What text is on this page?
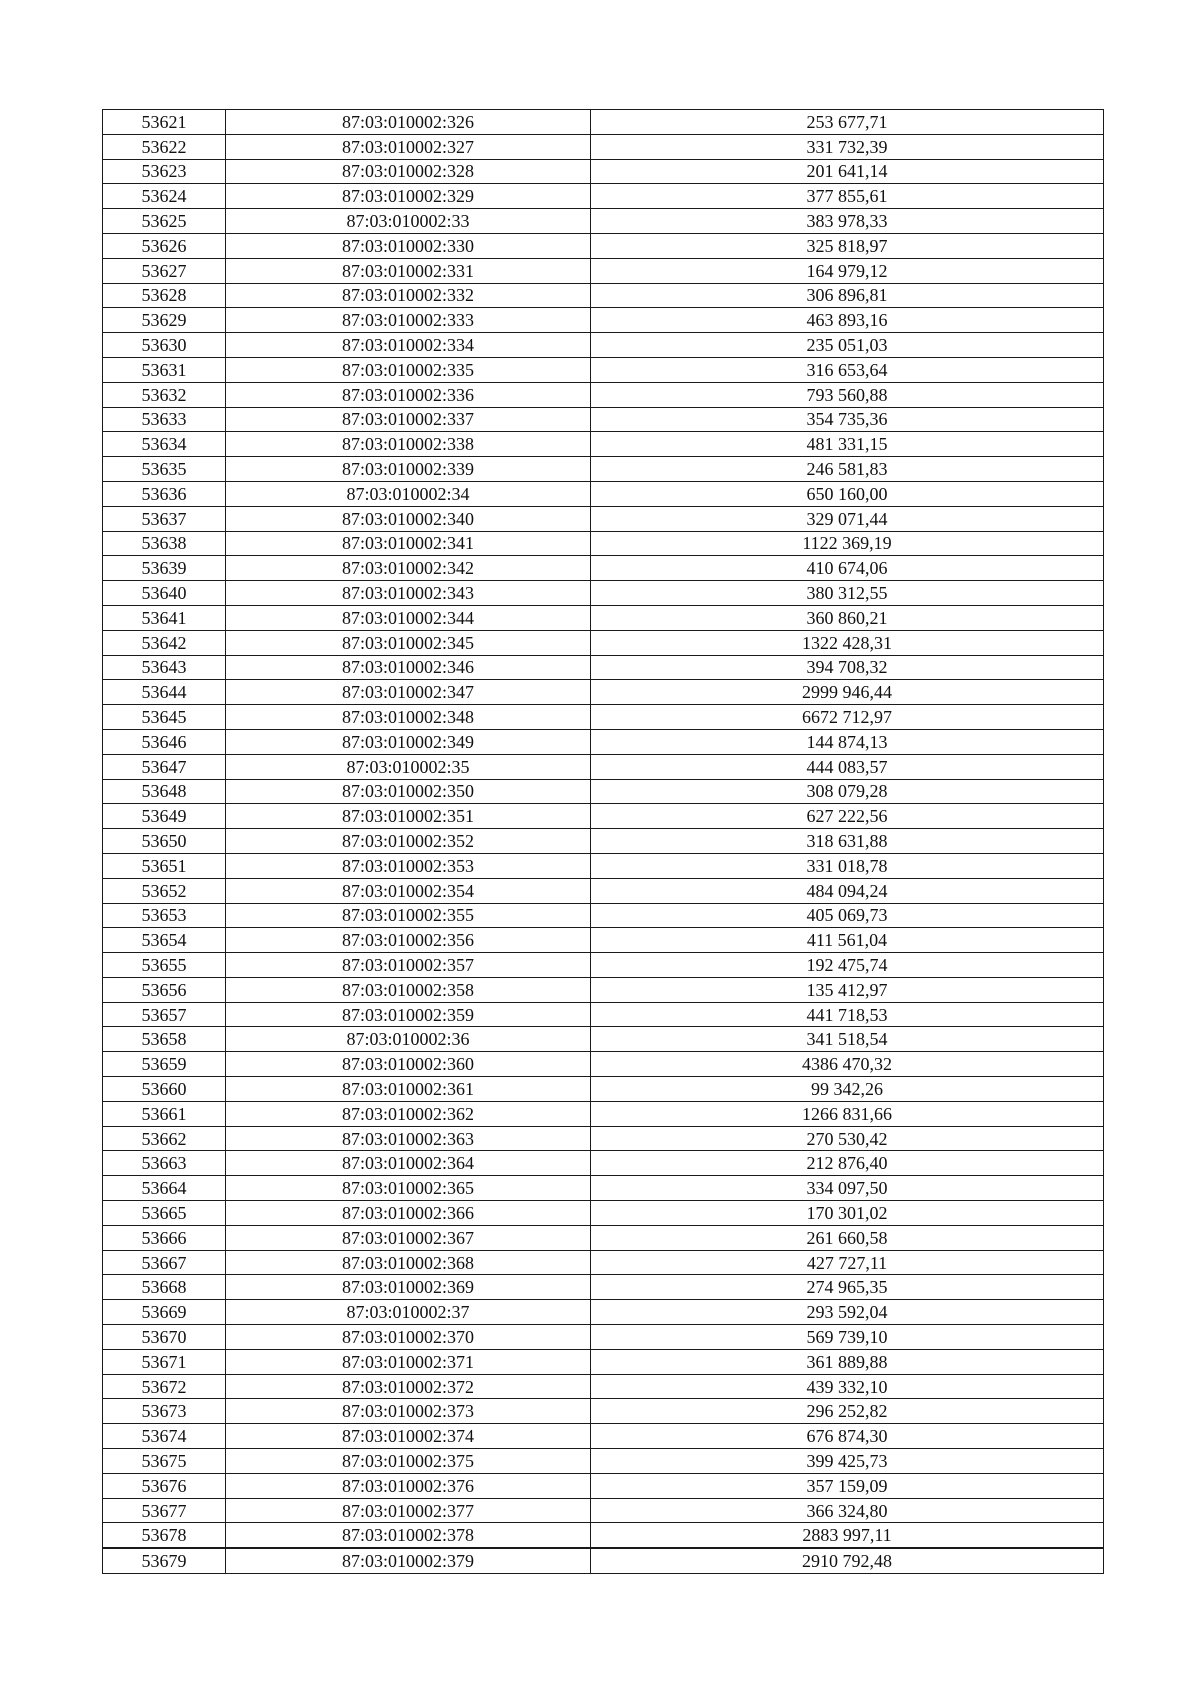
53621	87:03:010002:326	253 677,71
53622	87:03:010002:327	331 732,39
53623	87:03:010002:328	201 641,14
53624	87:03:010002:329	377 855,61
53625	87:03:010002:33	383 978,33
53626	87:03:010002:330	325 818,97
53627	87:03:010002:331	164 979,12
53628	87:03:010002:332	306 896,81
53629	87:03:010002:333	463 893,16
53630	87:03:010002:334	235 051,03
53631	87:03:010002:335	316 653,64
53632	87:03:010002:336	793 560,88
53633	87:03:010002:337	354 735,36
53634	87:03:010002:338	481 331,15
53635	87:03:010002:339	246 581,83
53636	87:03:010002:34	650 160,00
53637	87:03:010002:340	329 071,44
53638	87:03:010002:341	1122 369,19
53639	87:03:010002:342	410 674,06
53640	87:03:010002:343	380 312,55
53641	87:03:010002:344	360 860,21
53642	87:03:010002:345	1322 428,31
53643	87:03:010002:346	394 708,32
53644	87:03:010002:347	2999 946,44
53645	87:03:010002:348	6672 712,97
53646	87:03:010002:349	144 874,13
53647	87:03:010002:35	444 083,57
53648	87:03:010002:350	308 079,28
53649	87:03:010002:351	627 222,56
53650	87:03:010002:352	318 631,88
53651	87:03:010002:353	331 018,78
53652	87:03:010002:354	484 094,24
53653	87:03:010002:355	405 069,73
53654	87:03:010002:356	411 561,04
53655	87:03:010002:357	192 475,74
53656	87:03:010002:358	135 412,97
53657	87:03:010002:359	441 718,53
53658	87:03:010002:36	341 518,54
53659	87:03:010002:360	4386 470,32
53660	87:03:010002:361	99 342,26
53661	87:03:010002:362	1266 831,66
53662	87:03:010002:363	270 530,42
53663	87:03:010002:364	212 876,40
53664	87:03:010002:365	334 097,50
53665	87:03:010002:366	170 301,02
53666	87:03:010002:367	261 660,58
53667	87:03:010002:368	427 727,11
53668	87:03:010002:369	274 965,35
53669	87:03:010002:37	293 592,04
53670	87:03:010002:370	569 739,10
53671	87:03:010002:371	361 889,88
53672	87:03:010002:372	439 332,10
53673	87:03:010002:373	296 252,82
53674	87:03:010002:374	676 874,30
53675	87:03:010002:375	399 425,73
53676	87:03:010002:376	357 159,09
53677	87:03:010002:377	366 324,80
53678	87:03:010002:378	2883 997,11
53679	87:03:010002:379	2910 792,48
